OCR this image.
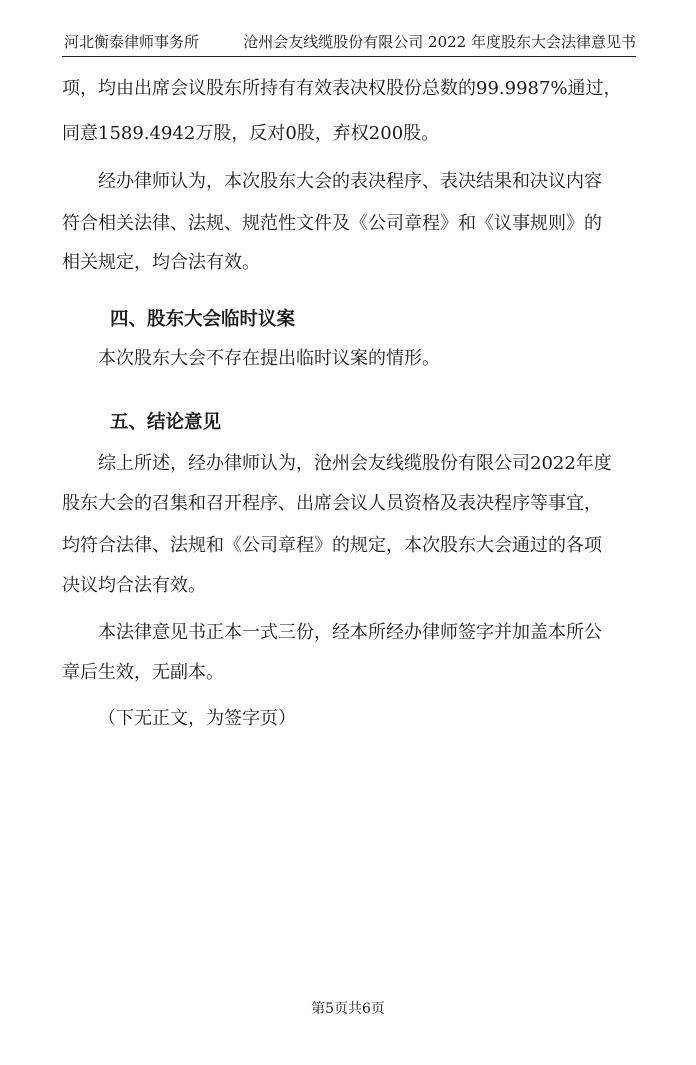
河北衡泰律师事务所	沧州会友线缆股份有限公司 2022 年度股东大会法律意见书

项，均由出席会议股东所持有有效表决权股份总数的99.9987%通过，

同意1589.4942万股，反对0股，弃权200股。

经办律师认为，本次股东大会的表决程序、表决结果和决议内容

符合相关法律、法规、规范性文件及《公司章程》和《议事规则》的

相关规定，均合法有效。

四、股东大会临时议案

本次股东大会不存在提出临时议案的情形。

五、结论意见

综上所述，经办律师认为，沧州会友线缆股份有限公司2022年度

股东大会的召集和召开程序、出席会议人员资格及表决程序等事宜，

均符合法律、法规和《公司章程》的规定，本次股东大会通过的各项

决议均合法有效。

本法律意见书正本一式三份，经本所经办律师签字并加盖本所公

章后生效，无副本。

（下无正文，为签字页）

第5页共6页
